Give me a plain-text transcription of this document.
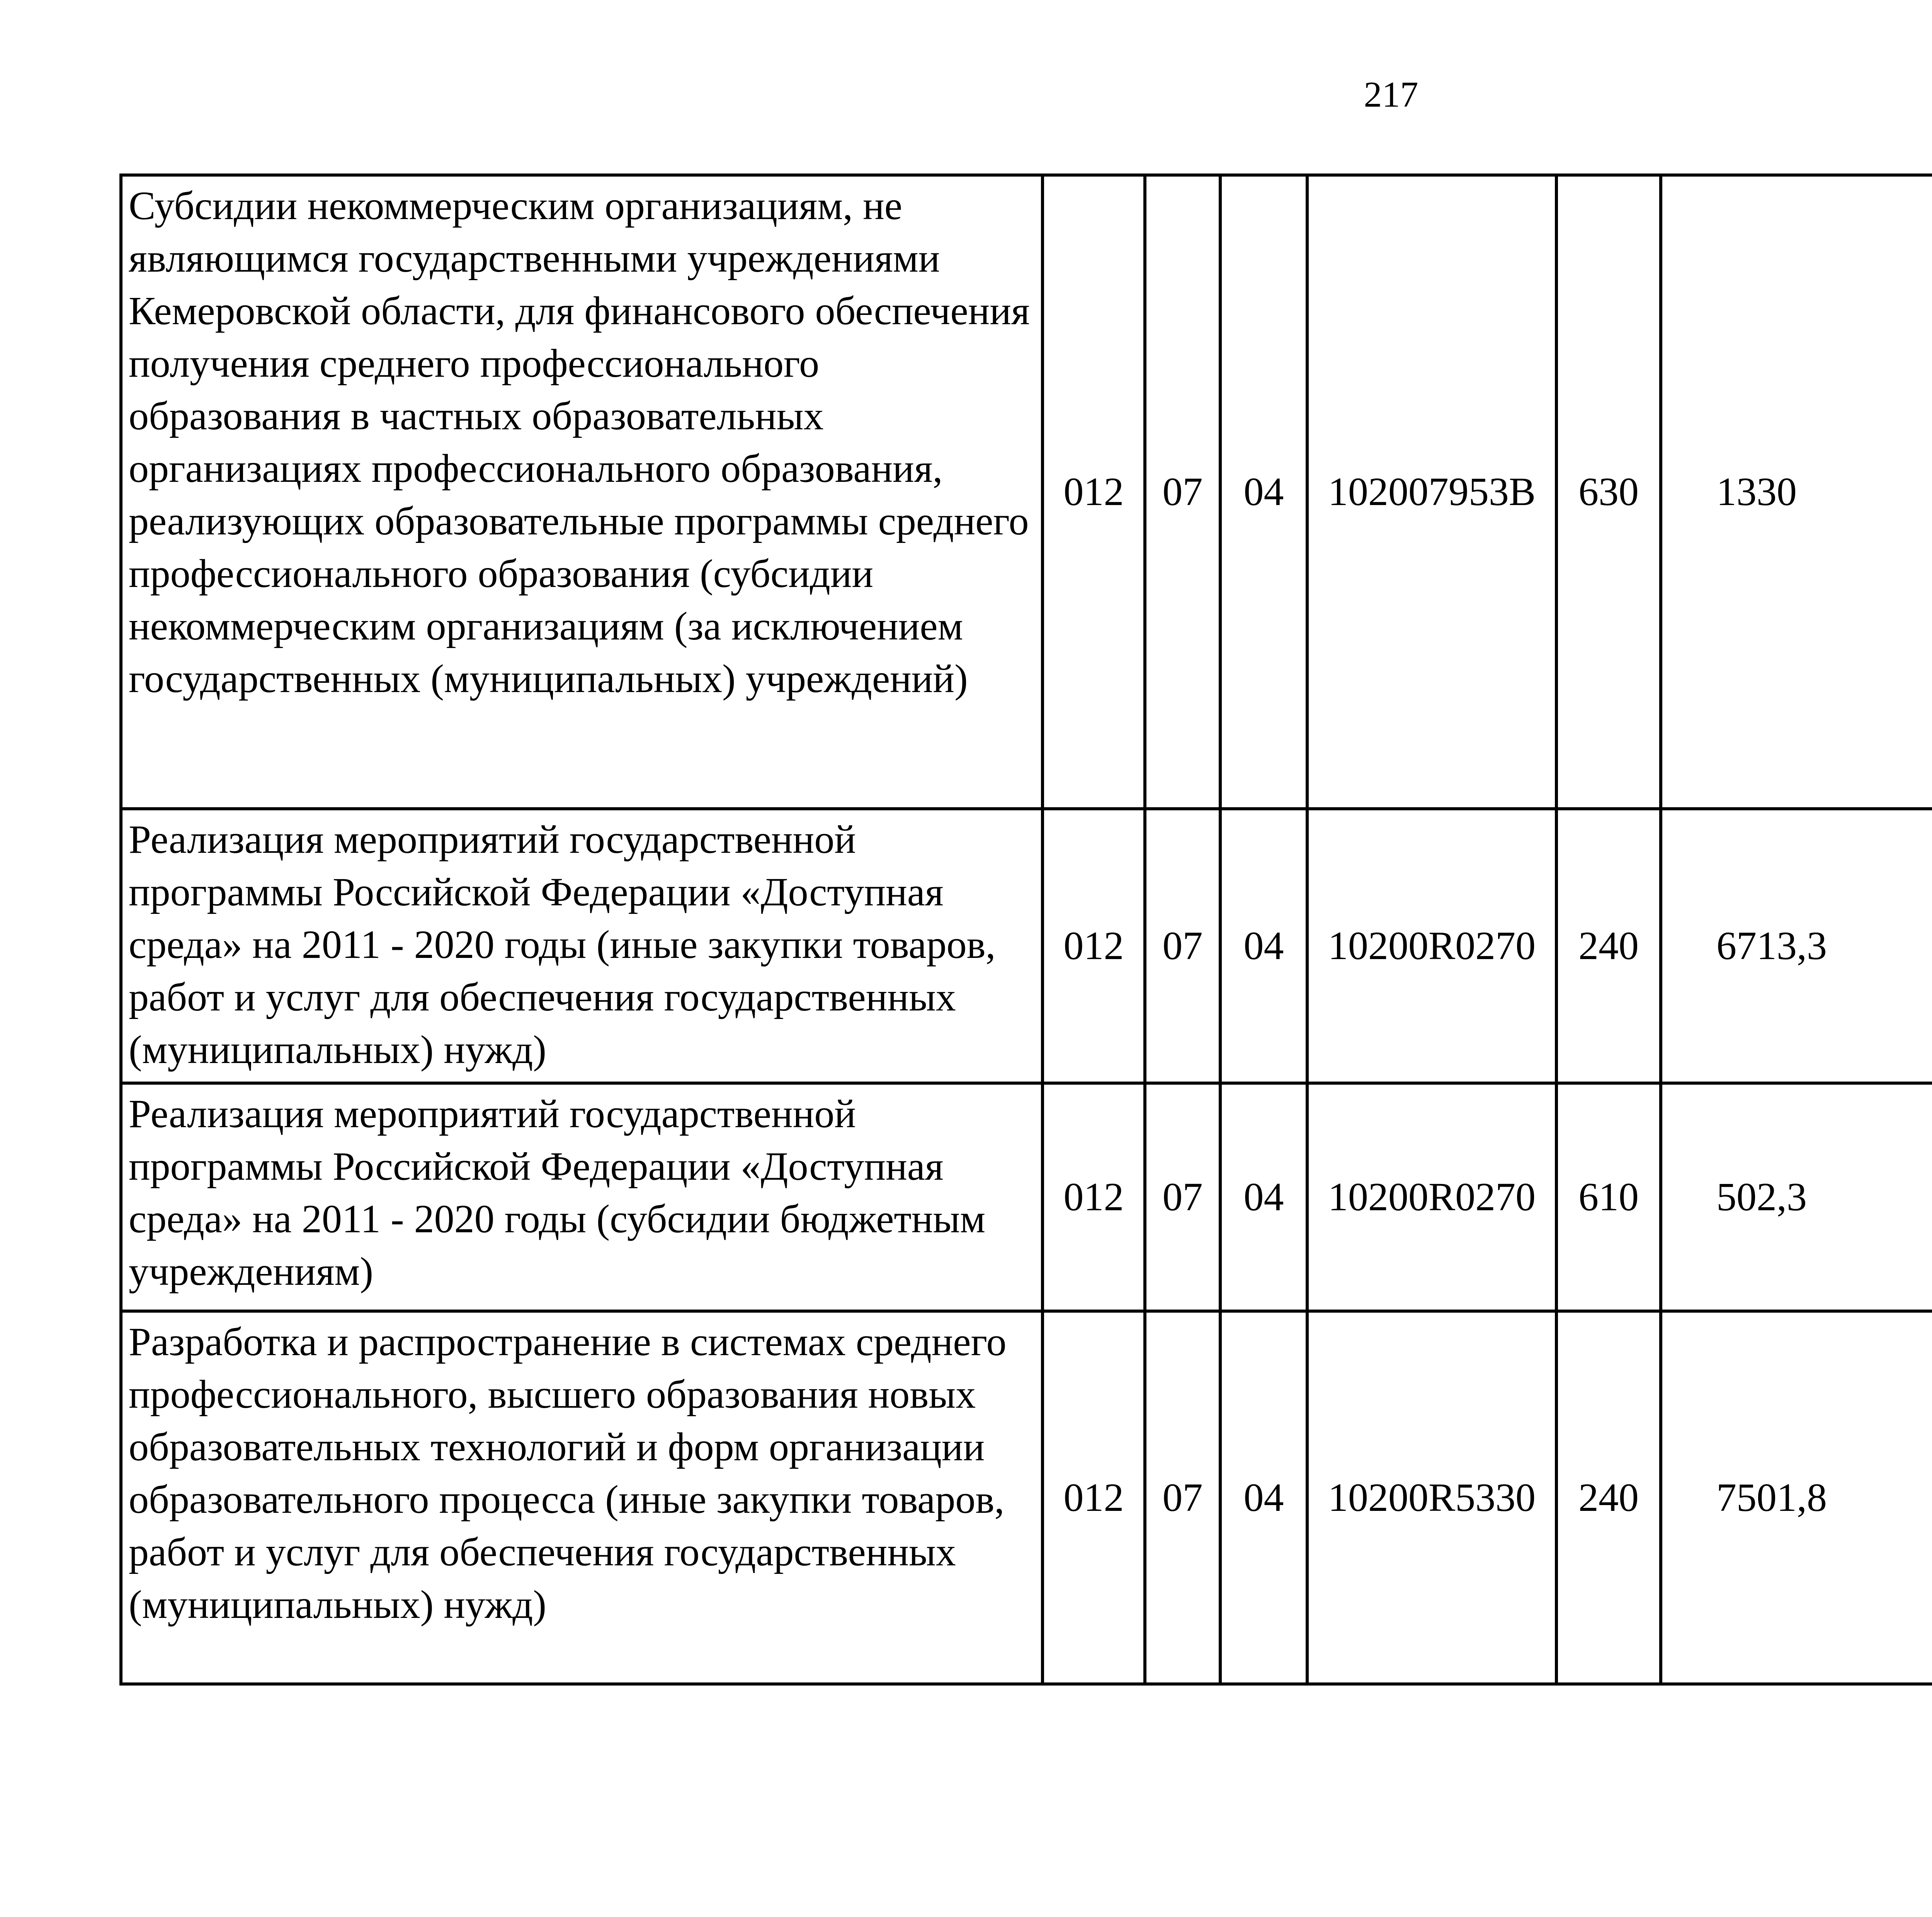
217
Субсидии некоммерческим организациям, не являющимся государственными учреждениями Кемеровской области, для финансового обеспечения получения среднего профессионального образования в частных образовательных организациях профессионального образования, реализующих образовательные программы среднего профессионального образования (субсидии некоммерческим организациям (за исключением государственных (муниципальных) учреждений)	012	07	04	102007953В	630	1330		
Реализация мероприятий государственной программы Российской Федерации «Доступная среда» на 2011 - 2020 годы (иные закупки товаров, работ и услуг для обеспечения государственных (муниципальных) нужд)	012	07	04	10200R0270	240	6713,3		
Реализация мероприятий государственной программы Российской Федерации «Доступная среда» на 2011 - 2020 годы (субсидии бюджетным учреждениям)	012	07	04	10200R0270	610	502,3		
Разработка и распространение в системах среднего профессионального, высшего образования новых образовательных технологий и форм организации образовательного процесса (иные закупки товаров, работ и услуг для обеспечения государственных (муниципальных) нужд)	012	07	04	10200R5330	240	7501,8		
